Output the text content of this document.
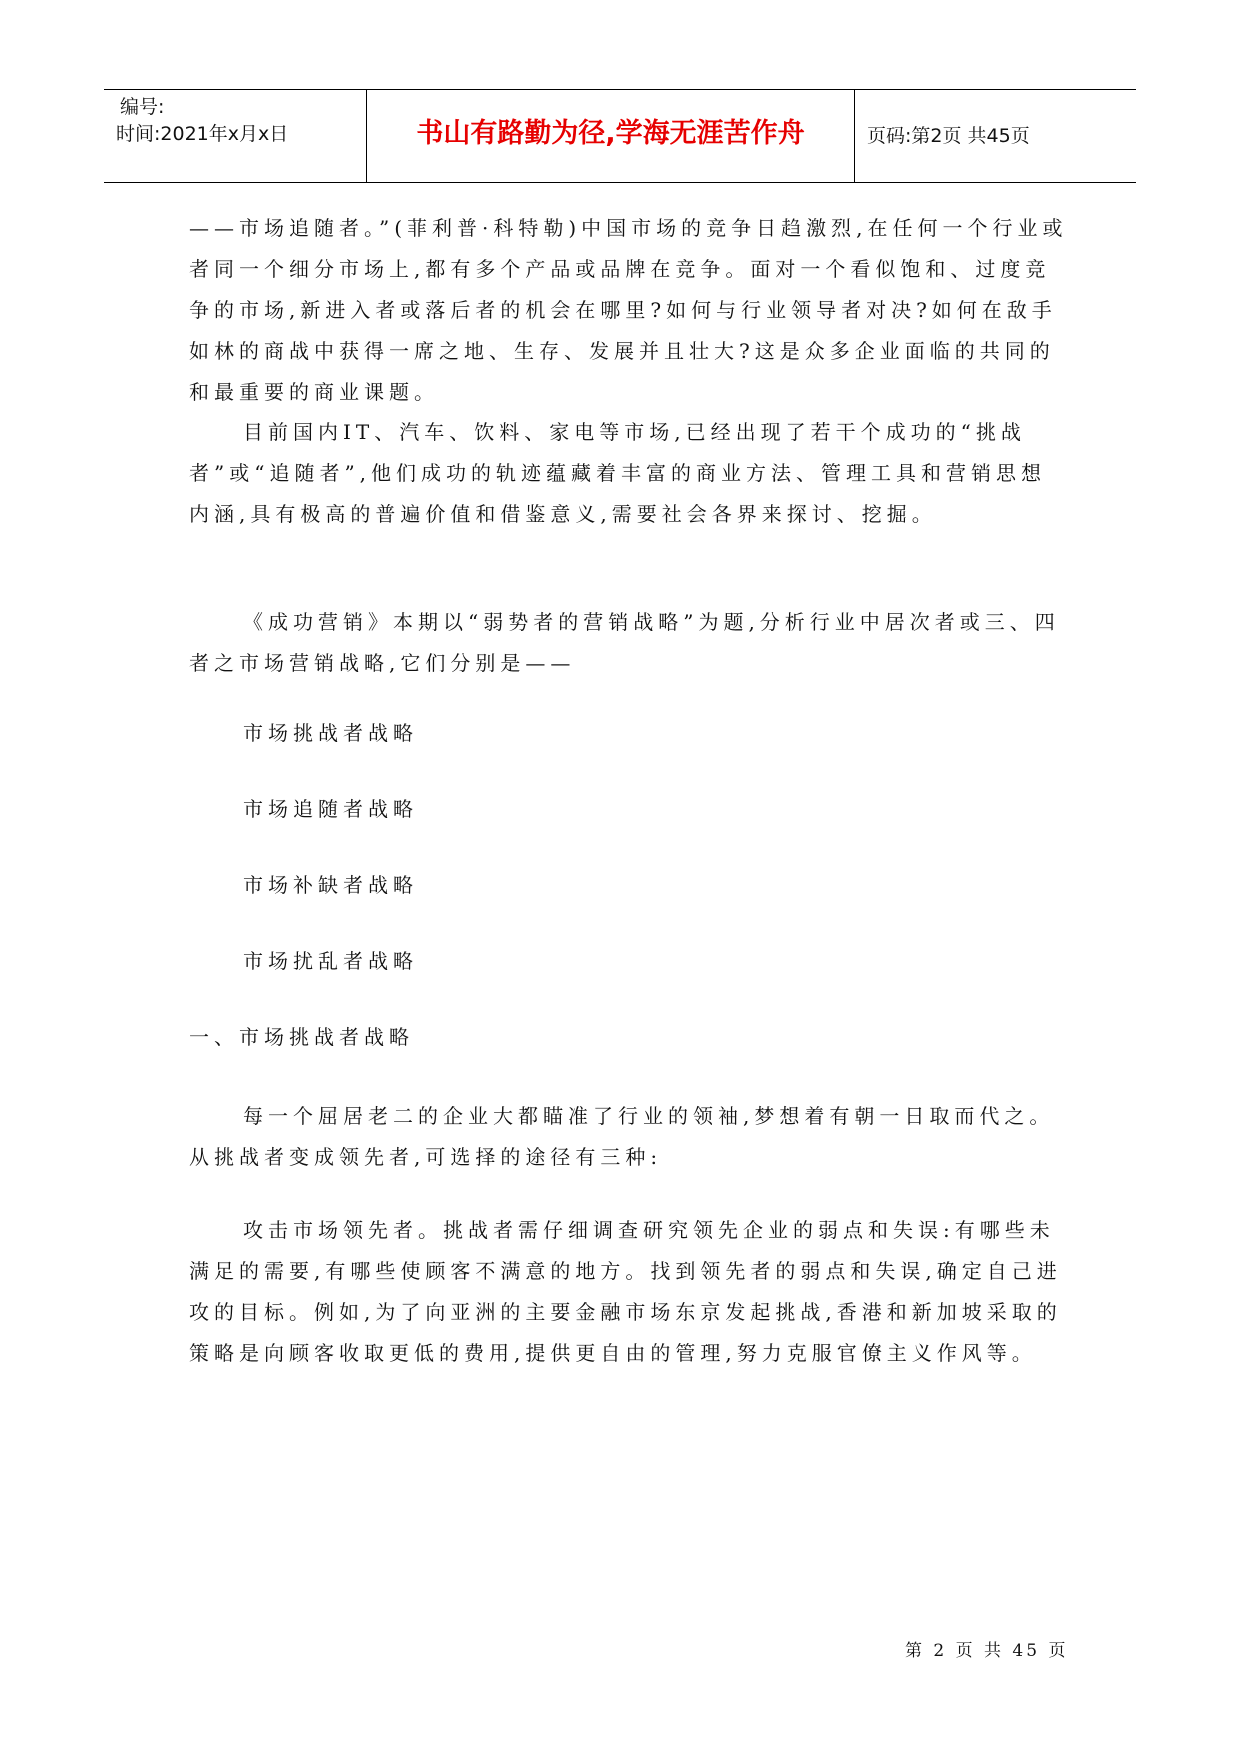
编号:
时间:2021年x月x日	书山有路勤为径,学海无涯苦作舟	页码:第2页 共45页

——市场追随者。”(菲利普·科特勒)中国市场的竞争日趋激烈,在任何一个行业或者同一个细分市场上,都有多个产品或品牌在竞争。面对一个看似饱和、过度竞争的市场,新进入者或落后者的机会在哪里?如何与行业领导者对决?如何在敌手如林的商战中获得一席之地、生存、发展并且壮大?这是众多企业面临的共同的和最重要的商业课题。

目前国内IT、汽车、饮料、家电等市场,已经出现了若干个成功的“挑战者”或“追随者”,他们成功的轨迹蕴藏着丰富的商业方法、管理工具和营销思想内涵,具有极高的普遍价值和借鉴意义,需要社会各界来探讨、挖掘。

《成功营销》本期以“弱势者的营销战略”为题,分析行业中居次者或三、四者之市场营销战略,它们分别是——

市场挑战者战略

市场追随者战略

市场补缺者战略

市场扰乱者战略

一、市场挑战者战略

每一个屈居老二的企业大都瞄准了行业的领袖,梦想着有朝一日取而代之。从挑战者变成领先者,可选择的途径有三种:

攻击市场领先者。挑战者需仔细调查研究领先企业的弱点和失误:有哪些未满足的需要,有哪些使顾客不满意的地方。找到领先者的弱点和失误,确定自己进攻的目标。例如,为了向亚洲的主要金融市场东京发起挑战,香港和新加坡采取的策略是向顾客收取更低的费用,提供更自由的管理,努力克服官僚主义作风等。

第 2 页 共 45 页
